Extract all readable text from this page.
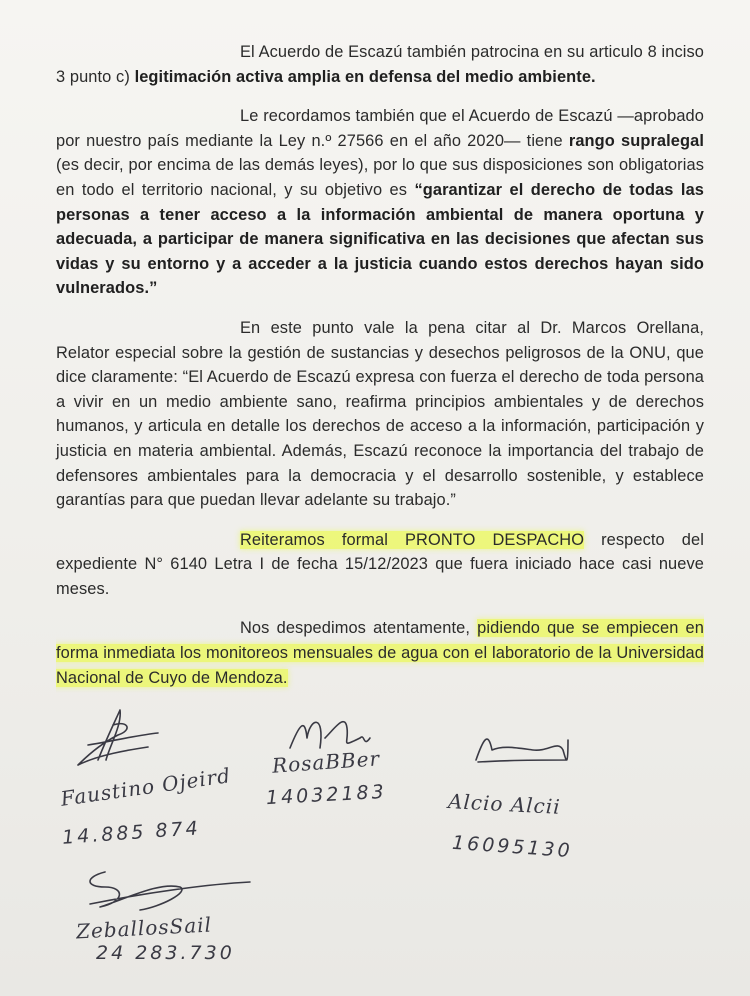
El Acuerdo de Escazú también patrocina en su articulo 8 inciso 3 punto c) legitimación activa amplia en defensa del medio ambiente.

Le recordamos también que el Acuerdo de Escazú —aprobado por nuestro país mediante la Ley n.º 27566 en el año 2020— tiene rango supralegal (es decir, por encima de las demás leyes), por lo que sus disposiciones son obligatorias en todo el territorio nacional, y su objetivo es “garantizar el derecho de todas las personas a tener acceso a la información ambiental de manera oportuna y adecuada, a participar de manera significativa en las decisiones que afectan sus vidas y su entorno y a acceder a la justicia cuando estos derechos hayan sido vulnerados.”

En este punto vale la pena citar al Dr. Marcos Orellana, Relator especial sobre la gestión de sustancias y desechos peligrosos de la ONU, que dice claramente: “El Acuerdo de Escazú expresa con fuerza el derecho de toda persona a vivir en un medio ambiente sano, reafirma principios ambientales y de derechos humanos, y articula en detalle los derechos de acceso a la información, participación y justicia en materia ambiental. Además, Escazú reconoce la importancia del trabajo de defensores ambientales para la democracia y el desarrollo sostenible, y establece garantías para que puedan llevar adelante su trabajo.”

Reiteramos formal PRONTO DESPACHO respecto del expediente N° 6140 Letra I de fecha 15/12/2023 que fuera iniciado hace casi nueve meses.

Nos despedimos atentamente, pidiendo que se empiecen en forma inmediata los monitoreos mensuales de agua con el laboratorio de la Universidad Nacional de Cuyo de Mendoza.

Faustino Ojeird
14.885 874
RosaBBer
14032183	Alcio Alcii
16095130
ZeballosSail
24 283.730
